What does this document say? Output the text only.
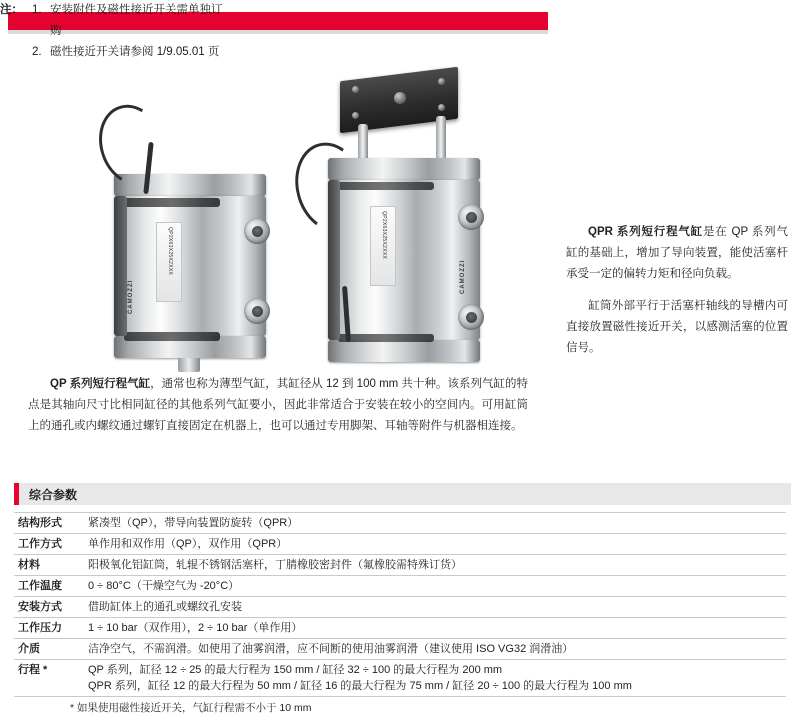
QP2X63X25X2XXX
CAMOZZI
QP2X63X25X2XXX
CAMOZZI
QP 系列短行程气缸，通常也称为薄型气缸，其缸径从 12 到 100 mm 共十种。该系列气缸的特点是其轴向尺寸比相同缸径的其他系列气缸要小，因此非常适合于安装在较小的空间内。可用缸筒上的通孔或内螺纹通过螺钉直接固定在机器上，也可以通过专用脚架、耳轴等附件与机器相连接。
QPR 系列短行程气缸是在 QP 系列气缸的基础上，增加了导向装置，能使活塞杆承受一定的偏转力矩和径向负载。
缸筒外部平行于活塞杆轴线的导槽内可直接放置磁性接近开关，以感测活塞的位置信号。
注： 1. 安装附件及磁性接近开关需单独订购
2. 磁性接近开关请参阅 1/9.05.01 页
综合参数
结构形式	紧凑型（QP），带导向装置防旋转（QPR）
工作方式	单作用和双作用（QP），双作用（QPR）
材料	阳极氧化铝缸筒，轧辊不锈钢活塞杆，丁腈橡胶密封件（氟橡胶需特殊订货）
工作温度	0 ÷ 80°C（干燥空气为 -20°C）
安装方式	借助缸体上的通孔或螺纹孔安装
工作压力	1 ÷ 10 bar（双作用），2 ÷ 10 bar（单作用）
介质	洁净空气，不需润滑。如使用了油雾润滑，应不间断的使用油雾润滑（建议使用 ISO VG32 润滑油）
行程 *	QP 系列，缸径 12 ÷ 25 的最大行程为 150 mm / 缸径 32 ÷ 100 的最大行程为 200 mm
QPR 系列，缸径 12 的最大行程为 50 mm / 缸径 16 的最大行程为 75 mm / 缸径 20 ÷ 100 的最大行程为 100 mm
* 如果使用磁性接近开关，气缸行程需不小于 10 mm
